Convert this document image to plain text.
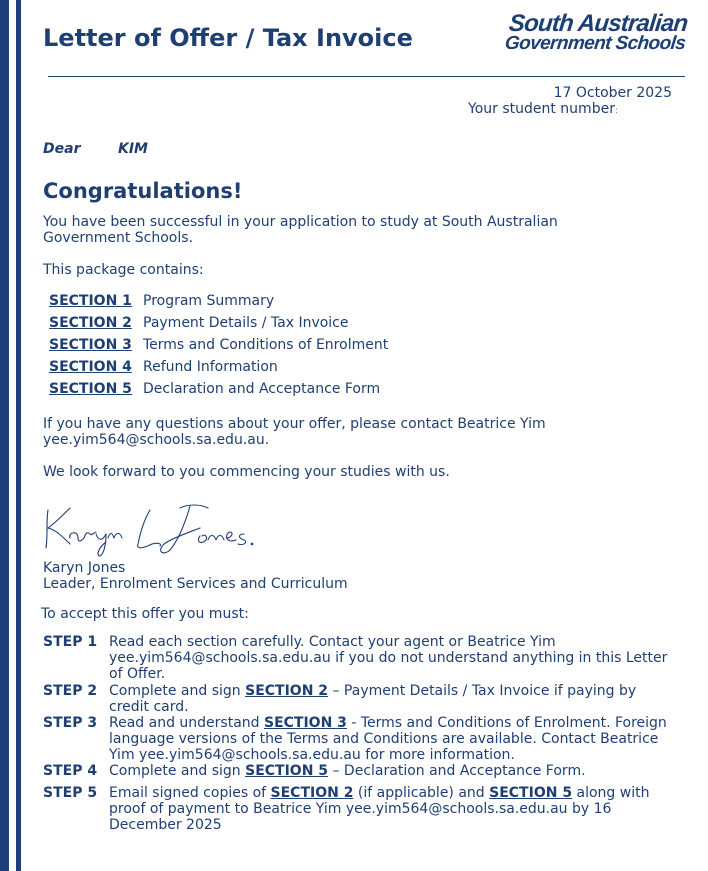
Letter of Offer / Tax Invoice
South Australian
Government Schools
17 October 2025
Your student number:
Dear	KIM
Congratulations!
You have been successful in your application to study at South Australian Government Schools.
This package contains:
SECTION 1 Program Summary
SECTION 2 Payment Details / Tax Invoice
SECTION 3 Terms and Conditions of Enrolment
SECTION 4 Refund Information
SECTION 5 Declaration and Acceptance Form
If you have any questions about your offer, please contact Beatrice Yim
yee.yim564@schools.sa.edu.au.
We look forward to you commencing your studies with us.
Karyn Jones
Leader, Enrolment Services and Curriculum
To accept this offer you must:
STEP 1 Read each section carefully. Contact your agent or Beatrice Yim yee.yim564@schools.sa.edu.au if you do not understand anything in this Letter of Offer.
STEP 2 Complete and sign SECTION 2 – Payment Details / Tax Invoice if paying by credit card.
STEP 3 Read and understand SECTION 3 - Terms and Conditions of Enrolment. Foreign language versions of the Terms and Conditions are available. Contact Beatrice Yim yee.yim564@schools.sa.edu.au for more information.
STEP 4 Complete and sign SECTION 5 – Declaration and Acceptance Form.
STEP 5 Email signed copies of SECTION 2 (if applicable) and SECTION 5 along with proof of payment to Beatrice Yim yee.yim564@schools.sa.edu.au by 16 December 2025
